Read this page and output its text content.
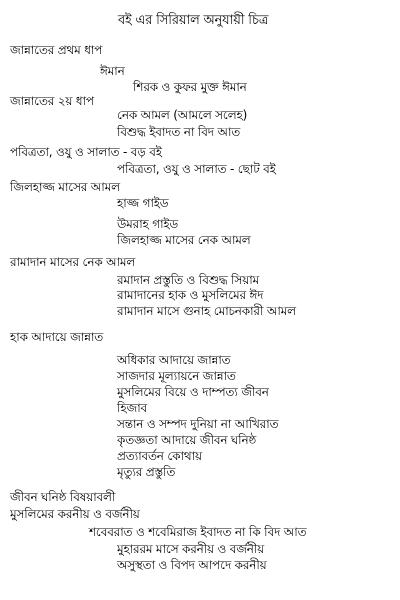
বই এর সিরিয়াল অনুযায়ী চিত্র
জান্নাতের প্রথম ধাপ
ঈমান
শিরক ও কুফর মুক্ত ঈমান
জান্নাতের ২য় ধাপ
নেক আমল (আমলে সলেহ)
বিশুদ্ধ ইবাদত না বিদ আত
পবিত্রতা, ওযু ও সালাত - বড় বই
পবিত্রতা, ওযু ও সালাত - ছোট বই
জিলহাজ্জ মাসের আমল
হাজ্জ গাইড
উমরাহ গাইড
জিলহাজ্জ মাসের নেক আমল
রামাদান মাসের নেক আমল
রমাদান প্রস্তুতি ও বিশুদ্ধ সিয়াম
রামাদানের হাক ও মুসলিমের ঈদ
রামাদান মাসে গুনাহ মোচনকারী আমল
হাক আদায়ে জান্নাত
অধিকার আদায়ে জান্নাত
সাজদার মূল্যায়নে জান্নাত
মুসলিমের বিয়ে ও দাম্পত্য জীবন
হিজাব
সন্তান ও সম্পদ দুনিয়া না আখিরাত
কৃতজ্ঞতা আদায়ে জীবন ঘনিষ্ঠ
প্রত্যাবর্তন কোথায়
মৃত্যুর প্রস্তুতি
জীবন ঘনিষ্ঠ বিষয়াবলী
মুসলিমের করনীয় ও বর্জনীয়
শবেবরাত ও শবেমিরাজ ইবাদত না কি বিদ আত
মুহাররম মাসে করনীয় ও বর্জনীয়
অসুস্থতা ও বিপদ আপদে করনীয়
